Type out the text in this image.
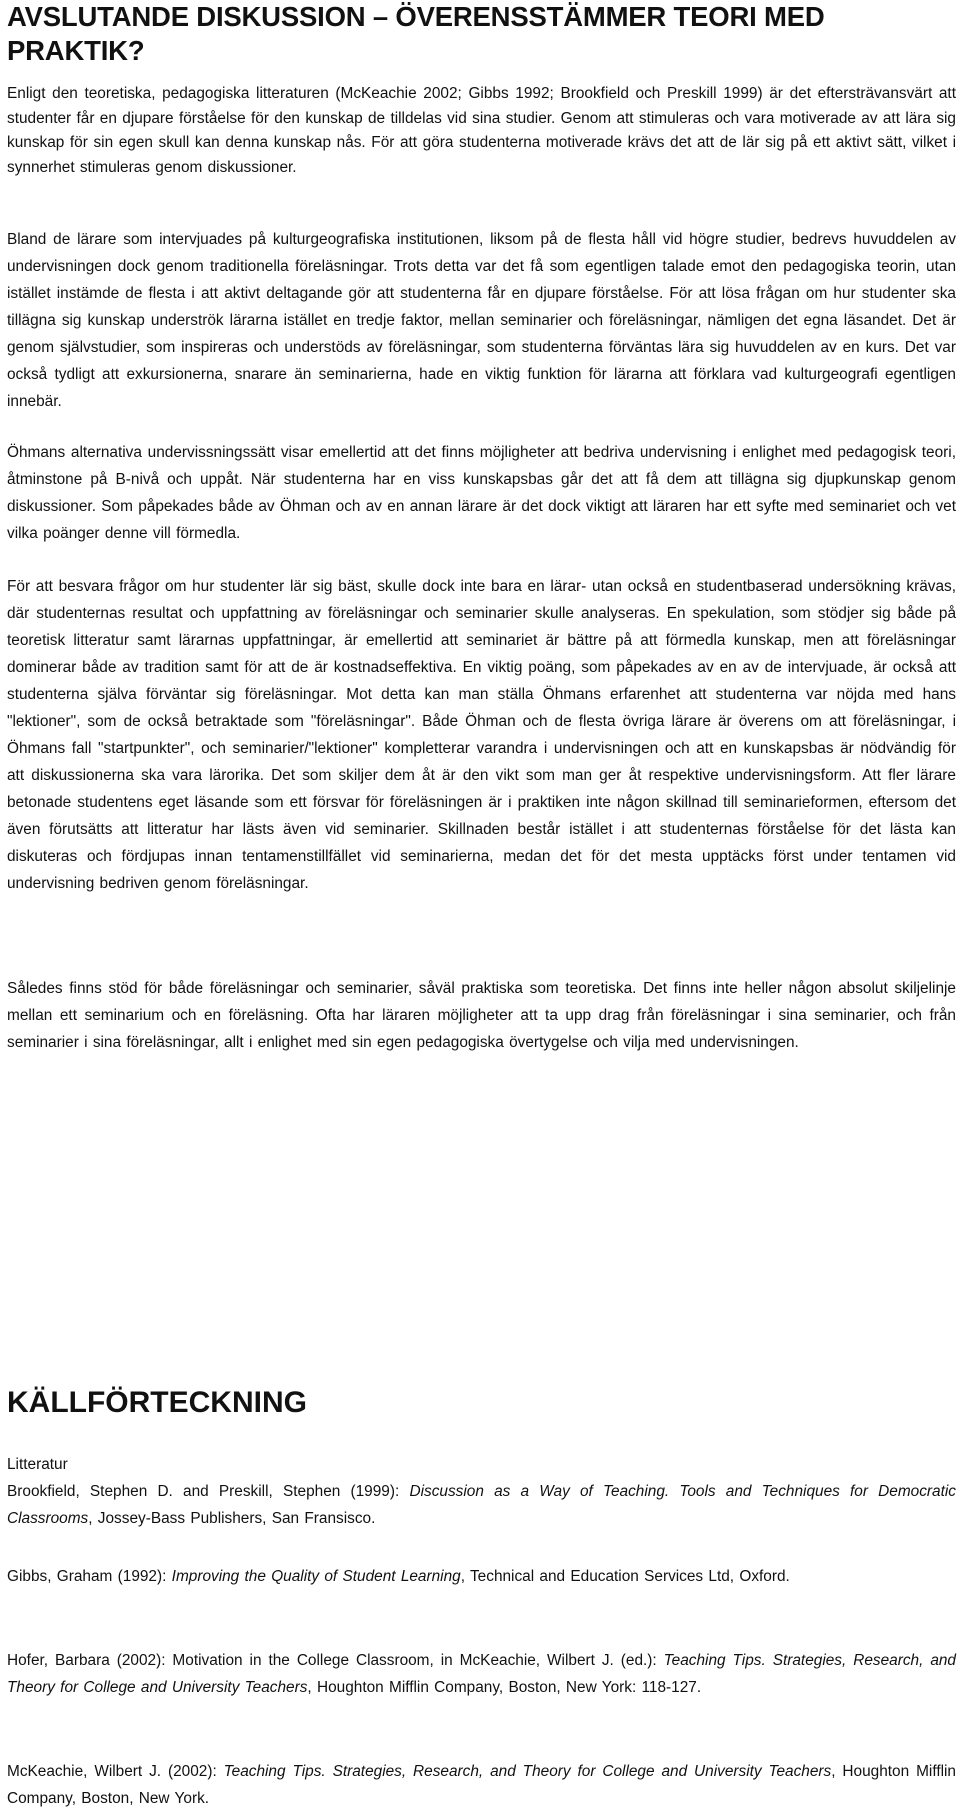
AVSLUTANDE DISKUSSION – ÖVERENSSTÄMMER TEORI MED PRAKTIK?

Enligt den teoretiska, pedagogiska litteraturen (McKeachie 2002; Gibbs 1992; Brookfield och Preskill 1999) är det eftersträvansvärt att studenter får en djupare förståelse för den kunskap de tilldelas vid sina studier. Genom att stimuleras och vara motiverade av att lära sig kunskap för sin egen skull kan denna kunskap nås. För att göra studenterna motiverade krävs det att de lär sig på ett aktivt sätt, vilket i synnerhet stimuleras genom diskussioner.

Bland de lärare som intervjuades på kulturgeografiska institutionen, liksom på de flesta håll vid högre studier, bedrevs huvuddelen av undervisningen dock genom traditionella föreläsningar. Trots detta var det få som egentligen talade emot den pedagogiska teorin, utan istället instämde de flesta i att aktivt deltagande gör att studenterna får en djupare förståelse. För att lösa frågan om hur studenter ska tillägna sig kunskap underströk lärarna istället en tredje faktor, mellan seminarier och föreläsningar, nämligen det egna läsandet. Det är genom självstudier, som inspireras och understöds av föreläsningar, som studenterna förväntas lära sig huvuddelen av en kurs. Det var också tydligt att exkursionerna, snarare än seminarierna, hade en viktig funktion för lärarna att förklara vad kulturgeografi egentligen innebär.

Öhmans alternativa undervissningssätt visar emellertid att det finns möjligheter att bedriva undervisning i enlighet med pedagogisk teori, åtminstone på B-nivå och uppåt. När studenterna har en viss kunskapsbas går det att få dem att tillägna sig djupkunskap genom diskussioner. Som påpekades både av Öhman och av en annan lärare är det dock viktigt att läraren har ett syfte med seminariet och vet vilka poänger denne vill förmedla.

För att besvara frågor om hur studenter lär sig bäst, skulle dock inte bara en lärar- utan också en studentbaserad undersökning krävas, där studenternas resultat och uppfattning av föreläsningar och seminarier skulle analyseras. En spekulation, som stödjer sig både på teoretisk litteratur samt lärarnas uppfattningar, är emellertid att seminariet är bättre på att förmedla kunskap, men att föreläsningar dominerar både av tradition samt för att de är kostnadseffektiva. En viktig poäng, som påpekades av en av de intervjuade, är också att studenterna själva förväntar sig föreläsningar. Mot detta kan man ställa Öhmans erfarenhet att studenterna var nöjda med hans "lektioner", som de också betraktade som "föreläsningar". Både Öhman och de flesta övriga lärare är överens om att föreläsningar, i Öhmans fall "startpunkter", och seminarier/"lektioner" kompletterar varandra i undervisningen och att en kunskapsbas är nödvändig för att diskussionerna ska vara lärorika. Det som skiljer dem åt är den vikt som man ger åt respektive undervisningsform. Att fler lärare betonade studentens eget läsande som ett försvar för föreläsningen är i praktiken inte någon skillnad till seminarieformen, eftersom det även förutsätts att litteratur har lästs även vid seminarier. Skillnaden består istället i att studenternas förståelse för det lästa kan diskuteras och fördjupas innan tentamenstillfället vid seminarierna, medan det för det mesta upptäcks först under tentamen vid undervisning bedriven genom föreläsningar.

Således finns stöd för både föreläsningar och seminarier, såväl praktiska som teoretiska. Det finns inte heller någon absolut skiljelinje mellan ett seminarium och en föreläsning. Ofta har läraren möjligheter att ta upp drag från föreläsningar i sina seminarier, och från seminarier i sina föreläsningar, allt i enlighet med sin egen pedagogiska övertygelse och vilja med undervisningen.

KÄLLFÖRTECKNING

Litteratur

Brookfield, Stephen D. and Preskill, Stephen (1999): Discussion as a Way of Teaching. Tools and Techniques for Democratic Classrooms, Jossey-Bass Publishers, San Fransisco.

Gibbs, Graham (1992): Improving the Quality of Student Learning, Technical and Education Services Ltd, Oxford.

Hofer, Barbara (2002): Motivation in the College Classroom, in McKeachie, Wilbert J. (ed.): Teaching Tips. Strategies, Research, and Theory for College and University Teachers, Houghton Mifflin Company, Boston, New York: 118-127.

McKeachie, Wilbert J. (2002): Teaching Tips. Strategies, Research, and Theory for College and University Teachers, Houghton Mifflin Company, Boston, New York.
